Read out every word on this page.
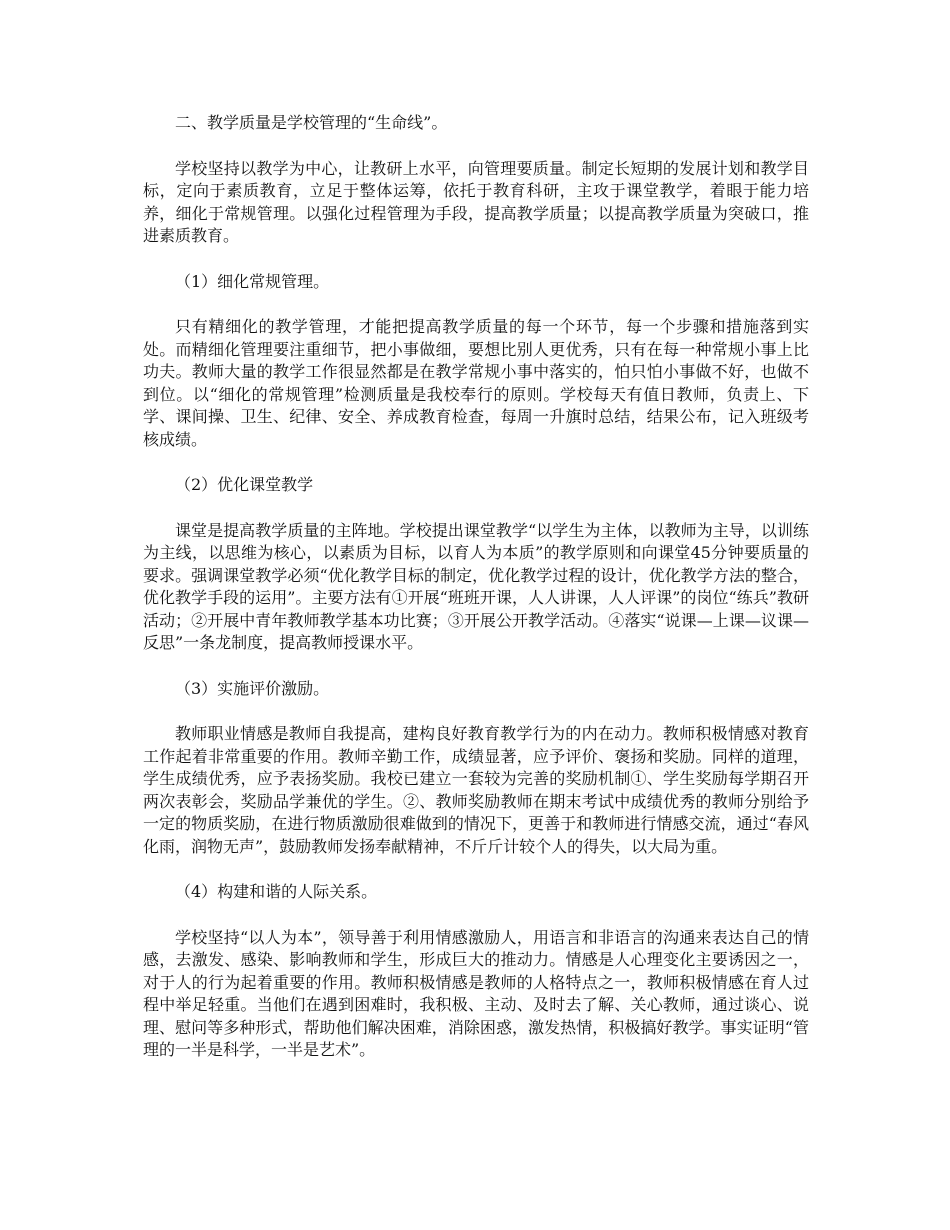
二、教学质量是学校管理的“生命线”。

学校坚持以教学为中心，让教研上水平，向管理要质量。制定长短期的发展计划和教学目标，定向于素质教育，立足于整体运筹，依托于教育科研，主攻于课堂教学，着眼于能力培养，细化于常规管理。以强化过程管理为手段，提高教学质量；以提高教学质量为突破口，推进素质教育。

（1）细化常规管理。

只有精细化的教学管理，才能把提高教学质量的每一个环节，每一个步骤和措施落到实处。而精细化管理要注重细节，把小事做细，要想比别人更优秀，只有在每一种常规小事上比功夫。教师大量的教学工作很显然都是在教学常规小事中落实的，怕只怕小事做不好，也做不到位。以“细化的常规管理”检测质量是我校奉行的原则。学校每天有值日教师，负责上、下学、课间操、卫生、纪律、安全、养成教育检查，每周一升旗时总结，结果公布，记入班级考核成绩。

（2）优化课堂教学

课堂是提高教学质量的主阵地。学校提出课堂教学“以学生为主体，以教师为主导，以训练为主线，以思维为核心，以素质为目标，以育人为本质”的教学原则和向课堂45分钟要质量的要求。强调课堂教学必须“优化教学目标的制定，优化教学过程的设计，优化教学方法的整合，优化教学手段的运用”。主要方法有①开展“班班开课，人人讲课，人人评课”的岗位“练兵”教研活动；②开展中青年教师教学基本功比赛；③开展公开教学活动。④落实“说课—上课—议课—反思”一条龙制度，提高教师授课水平。

（3）实施评价激励。

教师职业情感是教师自我提高，建构良好教育教学行为的内在动力。教师积极情感对教育工作起着非常重要的作用。教师辛勤工作，成绩显著，应予评价、褒扬和奖励。同样的道理，学生成绩优秀，应予表扬奖励。我校已建立一套较为完善的奖励机制①、学生奖励每学期召开两次表彰会，奖励品学兼优的学生。②、教师奖励教师在期末考试中成绩优秀的教师分别给予一定的物质奖励，在进行物质激励很难做到的情况下，更善于和教师进行情感交流，通过“春风化雨，润物无声”，鼓励教师发扬奉献精神，不斤斤计较个人的得失，以大局为重。

（4）构建和谐的人际关系。

学校坚持“以人为本”，领导善于利用情感激励人，用语言和非语言的沟通来表达自己的情感，去激发、感染、影响教师和学生，形成巨大的推动力。情感是人心理变化主要诱因之一，对于人的行为起着重要的作用。教师积极情感是教师的人格特点之一，教师积极情感在育人过程中举足轻重。当他们在遇到困难时，我积极、主动、及时去了解、关心教师，通过谈心、说理、慰问等多种形式，帮助他们解决困难，消除困惑，激发热情，积极搞好教学。事实证明“管理的一半是科学，一半是艺术”。
